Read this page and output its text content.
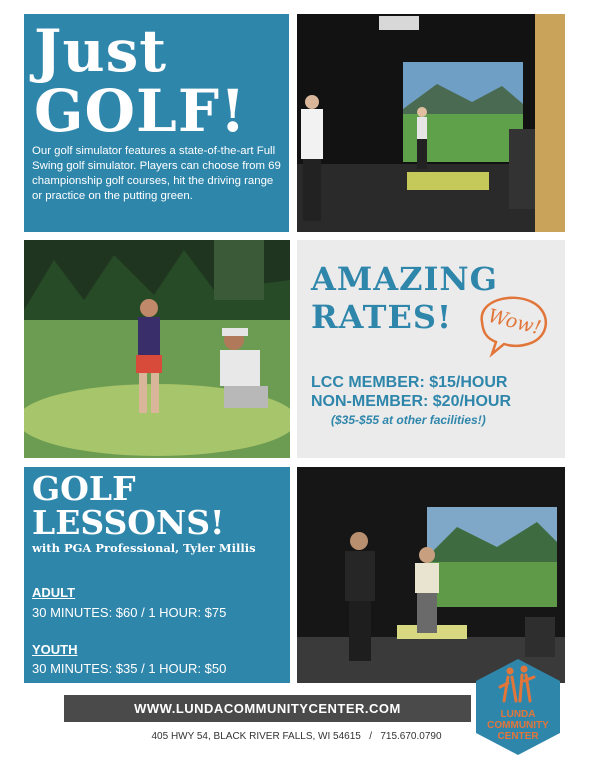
Just
GOLF!
Our golf simulator features a state-of-the-art Full Swing golf simulator. Players can choose from 69 championship golf courses, hit the driving range or practice on the putting green.
AMAZING
RATES! Wow!
LCC MEMBER: $15/HOUR
NON-MEMBER: $20/HOUR
($35-$55 at other facilities!)
GOLF
LESSONS!
with PGA Professional, Tyler Millis
ADULT
30 MINUTES: $60 / 1 HOUR: $75
YOUTH
30 MINUTES: $35 / 1 HOUR: $50
WWW.LUNDACOMMUNITYCENTER.COM
405 HWY 54, BLACK RIVER FALLS, WI 54615 / 715.670.0790
LUNDA
COMMUNITY
CENTER
